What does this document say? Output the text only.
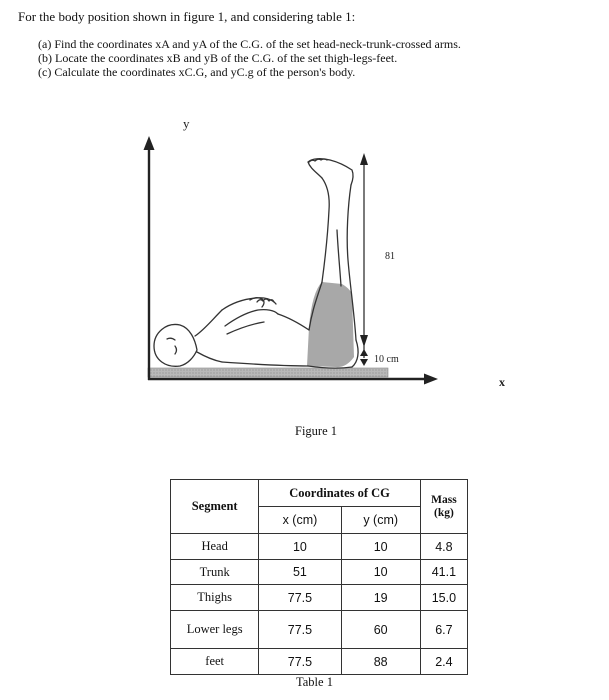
For the body position shown in figure 1, and considering table 1:
(a) Find the coordinates xA and yA of the C.G. of the set head-neck-trunk-crossed arms.
(b) Locate the coordinates xB and yB of the C.G. of the set thigh-legs-feet.
(c) Calculate the coordinates xC.G, and yC.g of the person's body.
y
x
81
10 cm
Figure 1
Segment	Coordinates of CG		Mass
(kg)
	x (cm)	y (cm)	
Head	10	10	4.8
Trunk	51	10	41.1
Thighs	77.5	19	15.0
Lower legs	77.5	60	6.7
feet	77.5	88	2.4
Table 1
